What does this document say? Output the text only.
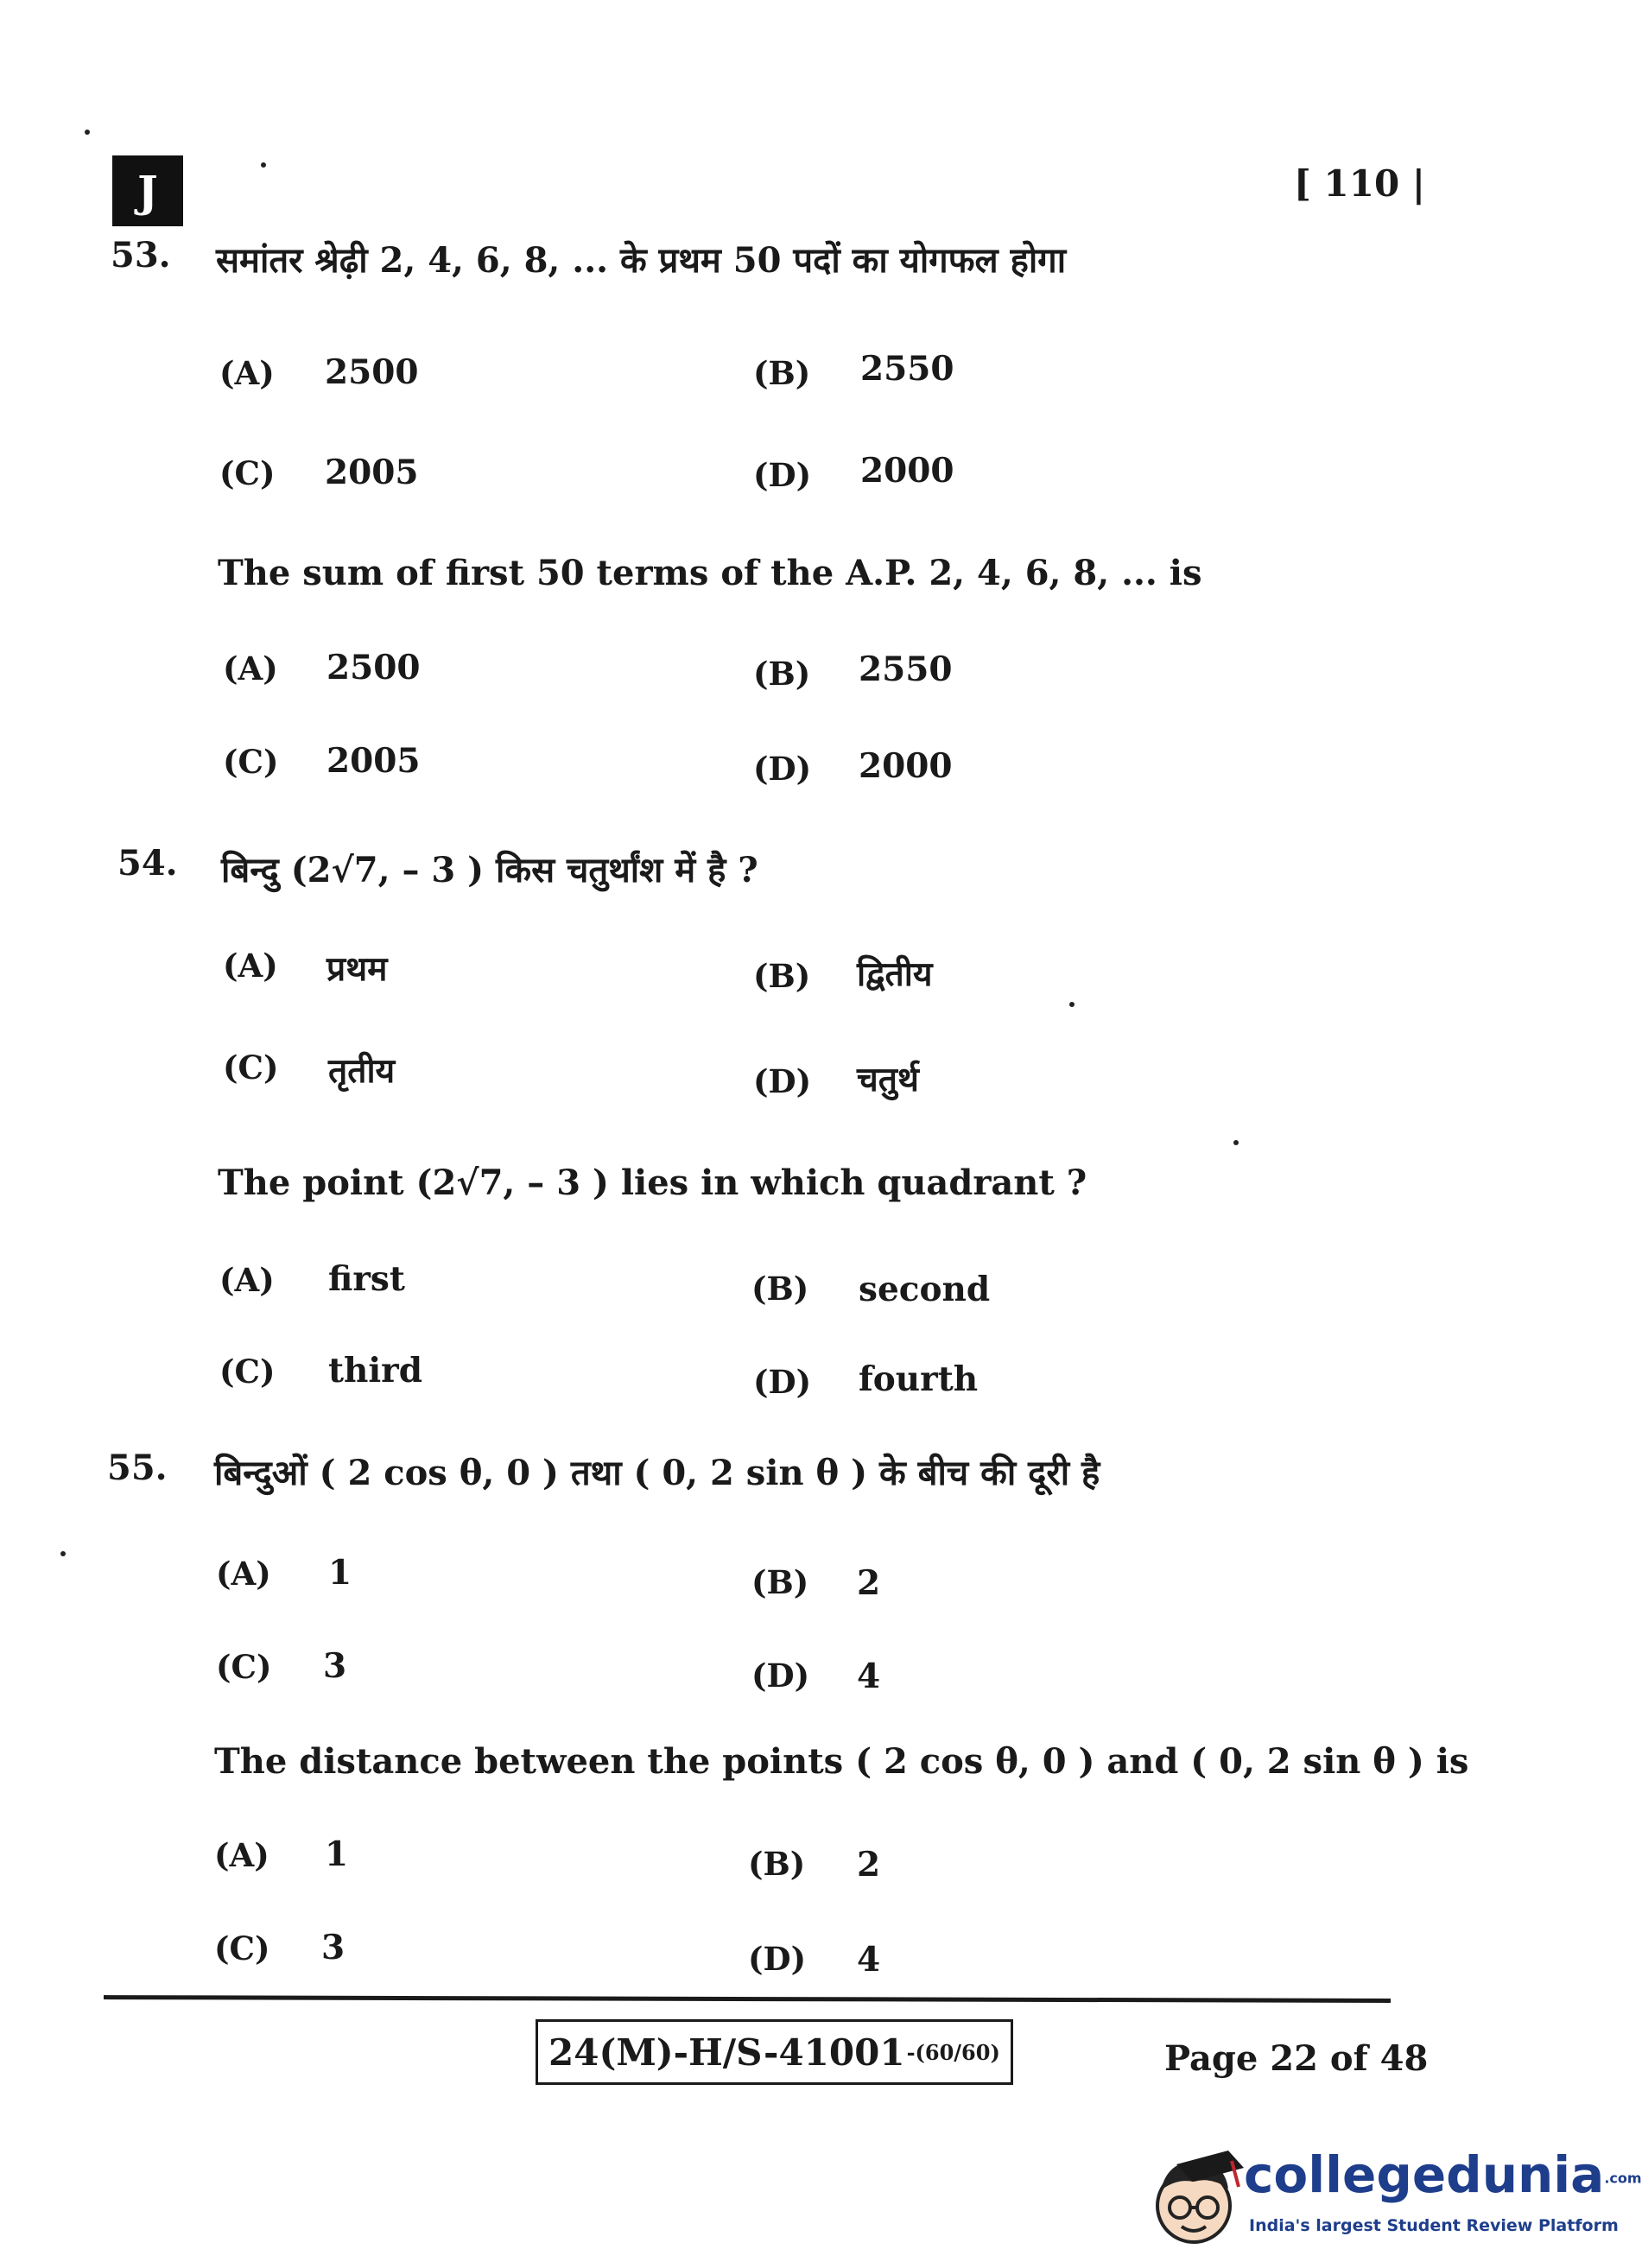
J	[ 110 |
53. समांतर श्रेढ़ी 2, 4, 6, 8, ... के प्रथम 50 पदों का योगफल होगा
(A) 2500	(B) 2550
(C) 2005	(D) 2000
The sum of first 50 terms of the A.P. 2, 4, 6, 8, ... is
(A) 2500	(B) 2550
(C) 2005	(D) 2000
54. बिन्दु (2√7, – 3 ) किस चतुर्थांश में है ?
(A) प्रथम	(B) द्वितीय
(C) तृतीय	(D) चतुर्थ
The point (2√7, – 3 ) lies in which quadrant ?
(A) first	(B) second
(C) third	(D) fourth
55. बिन्दुओं ( 2 cos θ, 0 ) तथा ( 0, 2 sin θ ) के बीच की दूरी है
(A) 1	(B) 2
(C) 3	(D) 4
The distance between the points ( 2 cos θ, 0 ) and ( 0, 2 sin θ ) is
(A) 1	(B) 2
(C) 3	(D) 4
24(M)-H/S-41001 -(60/60)	Page 22 of 48
collegedunia.com
India's largest Student Review Platform
